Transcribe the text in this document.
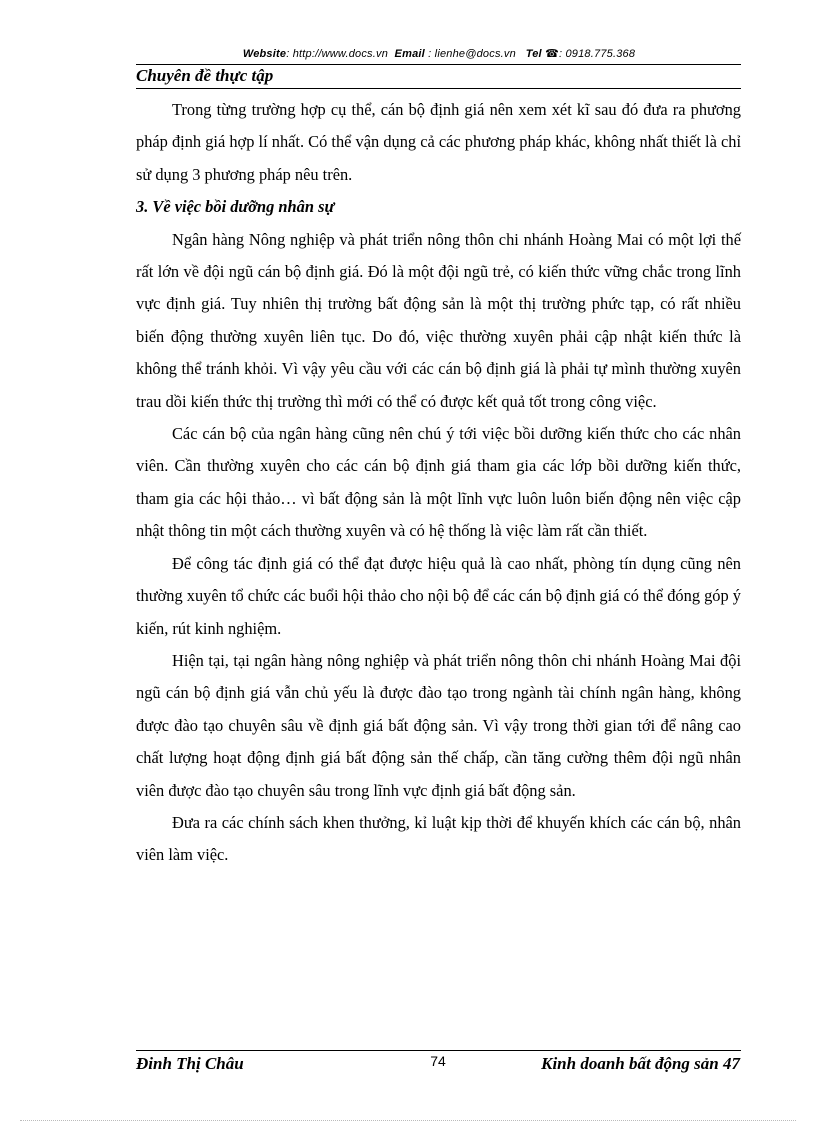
Website: http://www.docs.vn Email : lienhe@docs.vn Tel ☎: 0918.775.368
Chuyên đề thực tập

Trong từng trường hợp cụ thể, cán bộ định giá nên xem xét kĩ sau đó đưa ra phương pháp định giá hợp lí nhất. Có thể vận dụng cả các phương pháp khác, không nhất thiết là chỉ sử dụng 3 phương pháp nêu trên.

3. Về việc bồi dưỡng nhân sự

Ngân hàng Nông nghiệp và phát triển nông thôn chi nhánh Hoàng Mai có một lợi thế rất lớn về đội ngũ cán bộ định giá. Đó là một đội ngũ trẻ, có kiến thức vững chắc trong lĩnh vực định giá. Tuy nhiên thị trường bất động sản là một thị trường phức tạp, có rất nhiều biến động thường xuyên liên tục. Do đó, việc thường xuyên phải cập nhật kiến thức là không thể tránh khỏi. Vì vậy yêu cầu với các cán bộ định giá là phải tự mình thường xuyên trau dồi kiến thức thị trường thì mới có thể có được kết quả tốt trong công việc.

Các cán bộ của ngân hàng cũng nên chú ý tới việc bồi dưỡng kiến thức cho các nhân viên. Cần thường xuyên cho các cán bộ định giá tham gia các lớp bồi dưỡng kiến thức, tham gia các hội thảo… vì bất động sản là một lĩnh vực luôn luôn biến động nên việc cập nhật thông tin một cách thường xuyên và có hệ thống là việc làm rất cần thiết.

Để công tác định giá có thể đạt được hiệu quả là cao nhất, phòng tín dụng cũng nên thường xuyên tổ chức các buổi hội thảo cho nội bộ để các cán bộ định giá có thể đóng góp ý kiến, rút kinh nghiệm.

Hiện tại, tại ngân hàng nông nghiệp và phát triển nông thôn chi nhánh Hoàng Mai đội ngũ cán bộ định giá vẫn chủ yếu là được đào tạo trong ngành tài chính ngân hàng, không được đào tạo chuyên sâu về định giá bất động sản. Vì vậy trong thời gian tới để nâng cao chất lượng hoạt động định giá bất động sản thế chấp, cần tăng cường thêm đội ngũ nhân viên được đào tạo chuyên sâu trong lĩnh vực định giá bất động sản.

Đưa ra các chính sách khen thưởng, kỉ luật kịp thời để khuyến khích các cán bộ, nhân viên làm việc.

Đinh Thị Châu	74	Kinh doanh bất động sản 47
